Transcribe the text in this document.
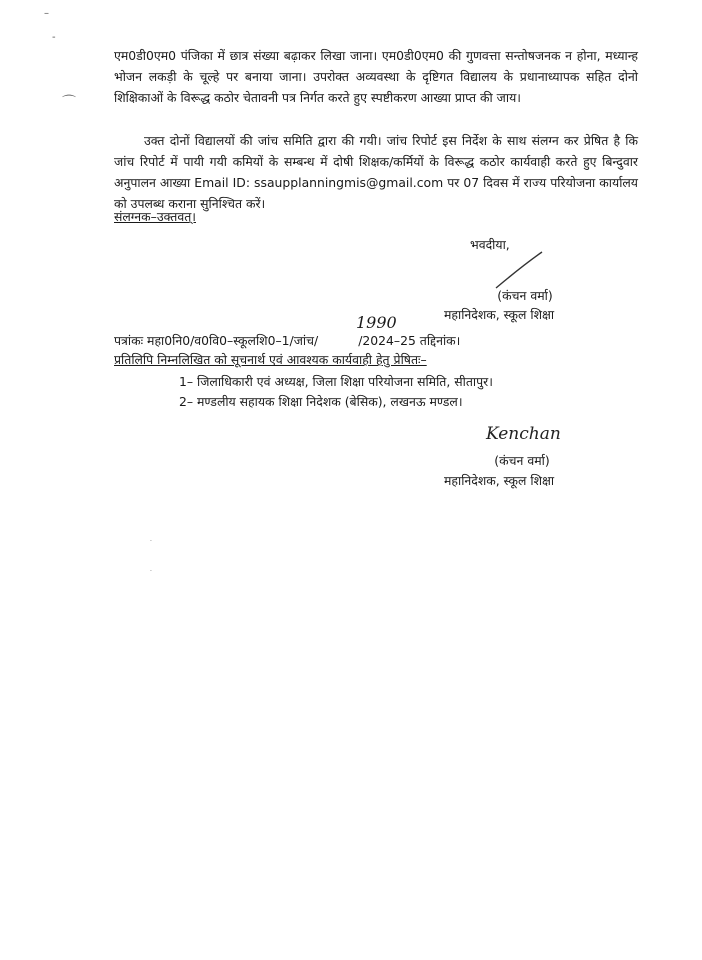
–
-
⌒
एम0डी0एम0 पंजिका में छात्र संख्या बढ़ाकर लिखा जाना। एम0डी0एम0 की गुणवत्ता सन्तोषजनक न होना, मध्यान्ह भोजन लकड़ी के चूल्हे पर बनाया जाना। उपरोक्त अव्यवस्था के दृष्टिगत विद्यालय के प्रधानाध्यापक सहित दोनो शिक्षिकाओं के विरूद्ध कठोर चेतावनी पत्र निर्गत करते हुए स्पष्टीकरण आख्या प्राप्त की जाय।
उक्त दोनों विद्यालयों की जांच समिति द्वारा की गयी। जांच रिपोर्ट इस निर्देश के साथ संलग्न कर प्रेषित है कि जांच रिपोर्ट में पायी गयी कमियों के सम्बन्ध में दोषी शिक्षक/कर्मियों के विरूद्ध कठोर कार्यवाही करते हुए बिन्दुवार अनुपालन आख्या Email ID: ssaupplanningmis@gmail.com पर 07 दिवस में राज्य परियोजना कार्यालय को उपलब्ध कराना सुनिश्चित करें।
संलग्नक–उक्तवत्।
भवदीया,
(कंचन वर्मा)
महानिदेशक, स्कूल शिक्षा
पत्रांकः महा0नि0/व0वि0–स्कूलशि0–1/जांच/	/2024–25 तद्दिनांक।
1990
प्रतिलिपि निम्नलिखित को सूचनार्थ एवं आवश्यक कार्यवाही हेतु प्रेषितः–
1– जिलाधिकारी एवं अध्यक्ष, जिला शिक्षा परियोजना समिति, सीतापुर।
2– मण्डलीय सहायक शिक्षा निदेशक (बेसिक), लखनऊ मण्डल।
Kenchan
(कंचन वर्मा)
महानिदेशक, स्कूल शिक्षा
·
·
